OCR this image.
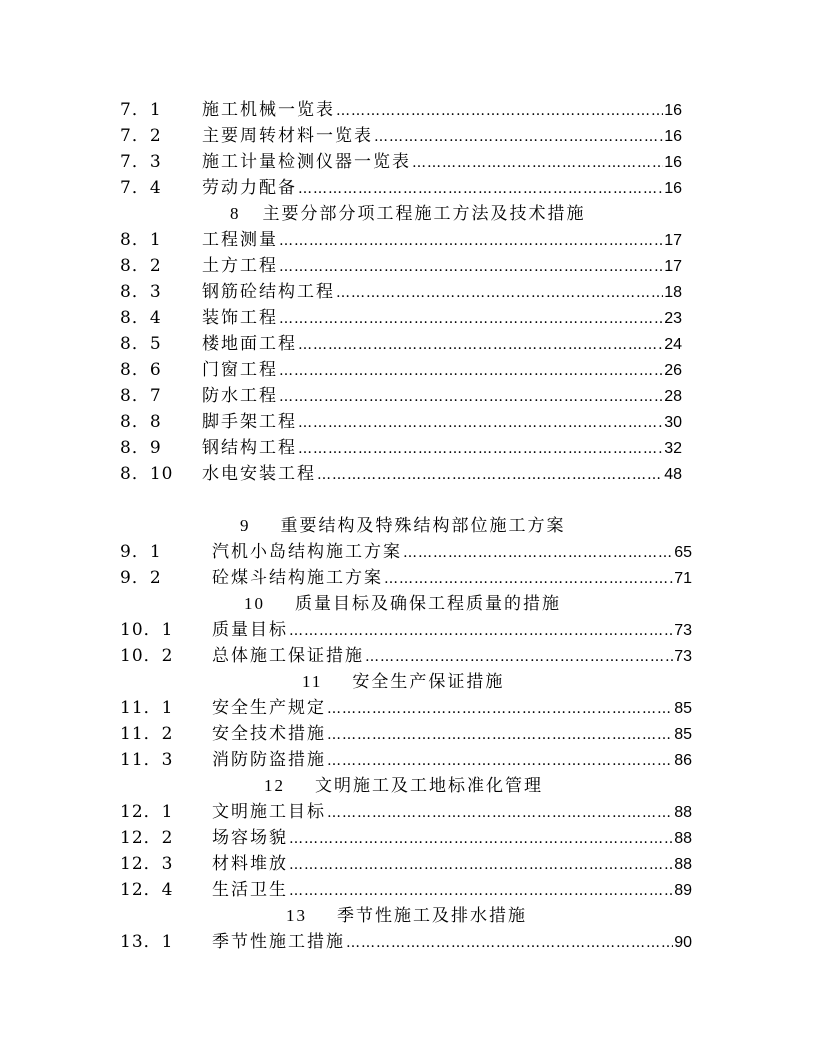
7．1 施工机械一览表 ………………………………………………………………………………………………………………………………	16
7．2 主要周转材料一览表 ………………………………………………………………………………………………………………………………	16
7．3 施工计量检测仪器一览表 ………………………………………………………………………………………………………………………………	16
7．4 劳动力配备 ………………………………………………………………………………………………………………………………	16
8 主要分部分项工程施工方法及技术措施
8．1 工程测量 ………………………………………………………………………………………………………………………………	17
8．2 土方工程 ………………………………………………………………………………………………………………………………	17
8．3 钢筋砼结构工程 ………………………………………………………………………………………………………………………………	18
8．4 装饰工程 ………………………………………………………………………………………………………………………………	23
8．5 楼地面工程 ………………………………………………………………………………………………………………………………	24
8．6 门窗工程 ………………………………………………………………………………………………………………………………	26
8．7 防水工程 ………………………………………………………………………………………………………………………………	28
8．8 脚手架工程 ………………………………………………………………………………………………………………………………	30
8．9 钢结构工程 ………………………………………………………………………………………………………………………………	32
8．10 水电安装工程 ………………………………………………………………………………………………………………………………	48
9 重要结构及特殊结构部位施工方案
9．1	汽机小岛结构施工方案 ………………………………………………………………………………………………………………………………	65
9．2	砼煤斗结构施工方案 ………………………………………………………………………………………………………………………………	71
10 质量目标及确保工程质量的措施
10．1 质量目标 ………………………………………………………………………………………………………………………………	73
10．2 总体施工保证措施 ………………………………………………………………………………………………………………………………	73
11 安全生产保证措施
11．1 安全生产规定 ………………………………………………………………………………………………………………………………	85
11．2 安全技术措施 ………………………………………………………………………………………………………………………………	85
11．3 消防防盗措施 ………………………………………………………………………………………………………………………………	86
12 文明施工及工地标准化管理
12．1 文明施工目标 ………………………………………………………………………………………………………………………………	88
12．2 场容场貌 ………………………………………………………………………………………………………………………………	88
12．3 材料堆放 ………………………………………………………………………………………………………………………………	88
12．4 生活卫生 ………………………………………………………………………………………………………………………………	89
13 季节性施工及排水措施
13．1 季节性施工措施 ………………………………………………………………………………………………………………………………	90
